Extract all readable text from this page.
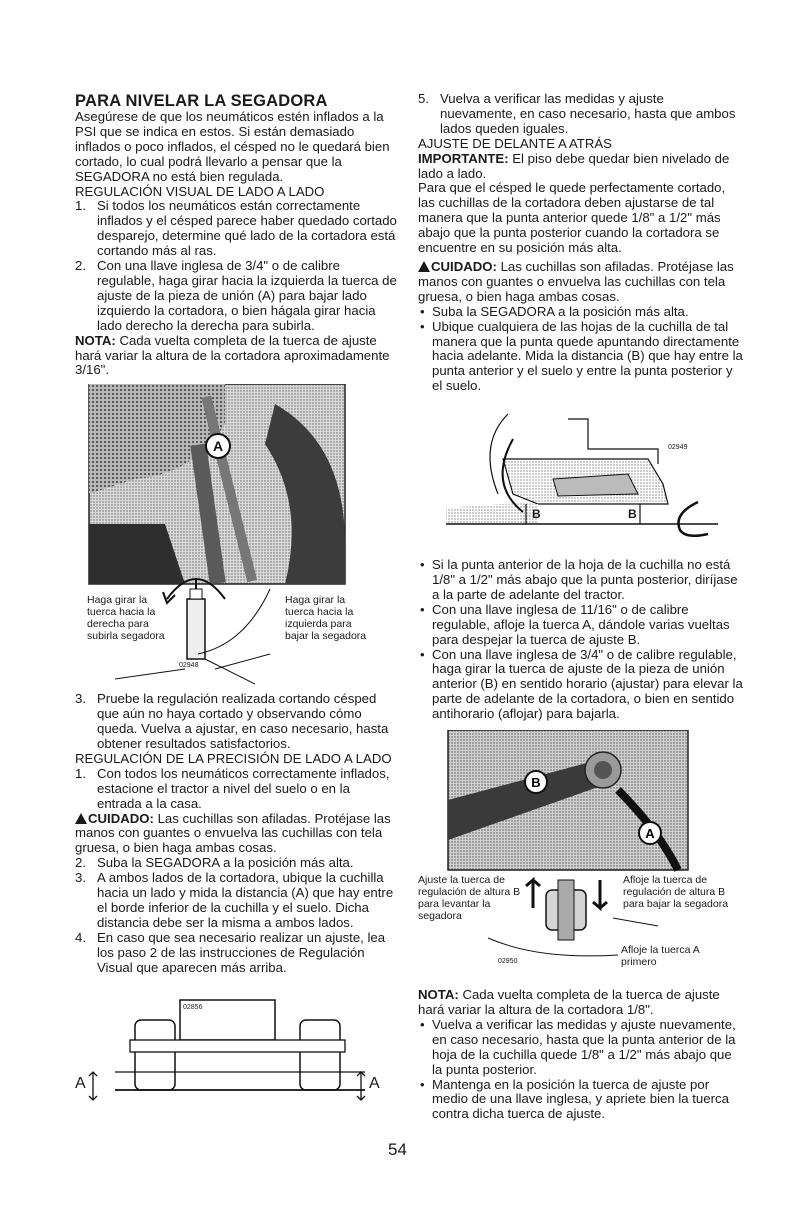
PARA NIVELAR LA SEGADORA

Asegúrese de que los neumáticos estén inflados a la PSI que se indica en estos. Si están demasiado inflados o poco inflados, el césped no le quedará bien cortado, lo cual podrá llevarlo a pensar que la SEGADORA no está bien regulada.

REGULACIÓN VISUAL DE LADO A LADO

1. Si todos los neumáticos están correctamente inflados y el césped parece haber quedado cortado desparejo, determine qué lado de la cortadora está cortando más al ras.
2. Con una llave inglesa de 3/4" o de calibre regulable, haga girar hacia la izquierda la tuerca de ajuste de la pieza de unión (A) para bajar lado izquierdo la cortadora, o bien hágala girar hacia lado derecho la derecha para subirla.

NOTA: Cada vuelta completa de la tuerca de ajuste hará variar la altura de la cortadora aproximadamente 3/16".

A
Haga girar la tuerca hacia la derecha para subirla segadora
Haga girar la tuerca hacia la izquierda para bajar la segadora
02948
3. Pruebe la regulación realizada cortando césped que aún no haya cortado y observando cómo queda. Vuelva a ajustar, en caso necesario, hasta obtener resultados satisfactorios.

REGULACIÓN DE LA PRECISIÓN DE LADO A LADO

1. Con todos los neumáticos correctamente inflados, estacione el tractor a nivel del suelo o en la entrada a la casa.

CUIDADO: Las cuchillas son afiladas. Protéjase las manos con guantes o envuelva las cuchillas con tela gruesa, o bien haga ambas cosas.

2. Suba la SEGADORA a la posición más alta.
3. A ambos lados de la cortadora, ubique la cuchilla hacia un lado y mida la distancia (A) que hay entre el borde inferior de la cuchilla y el suelo. Dicha distancia debe ser la misma a ambos lados.
4. En caso que sea necesario realizar un ajuste, lea los paso 2 de las instrucciones de Regulación Visual que aparecen más arriba.
A	A
02856
5. Vuelva a verificar las medidas y ajuste nuevamente, en caso necesario, hasta que ambos lados queden iguales.

AJUSTE DE DELANTE A ATRÁS

IMPORTANTE: El piso debe quedar bien nivelado de lado a lado.

Para que el césped le quede perfectamente cortado, las cuchillas de la cortadora deben ajustarse de tal manera que la punta anterior quede 1/8" a 1/2" más abajo que la punta posterior cuando la cortadora se encuentre en su posición más alta.

CUIDADO: Las cuchillas son afiladas. Protéjase las manos con guantes o envuelva las cuchillas con tela gruesa, o bien haga ambas cosas.

• Suba la SEGADORA a la posición más alta.
• Ubique cualquiera de las hojas de la cuchilla de tal manera que la punta quede apuntando directamente hacia adelante. Mida la distancia (B) que hay entre la punta anterior y el suelo y entre la punta posterior y el suelo.
B	B
02949
• Si la punta anterior de la hoja de la cuchilla no está 1/8" a 1/2" más abajo que la punta posterior, diríjase a la parte de adelante del tractor.
• Con una llave inglesa de 11/16" o de calibre regulable, afloje la tuerca A, dándole varias vueltas para despejar la tuerca de ajuste B.
• Con una llave inglesa de 3/4" o de calibre regulable, haga girar la tuerca de ajuste de la pieza de unión anterior (B) en sentido horario (ajustar) para elevar la parte de adelante de la cortadora, o bien en sentido antihorario (aflojar) para bajarla.
B
A
Ajuste la tuerca de regulación de altura B para levantar la segadora
Afloje la tuerca de regulación de altura B para bajar la segadora
Afloje la tuerca A primero
02950

NOTA: Cada vuelta completa de la tuerca de ajuste hará variar la altura de la cortadora 1/8".

• Vuelva a verificar las medidas y ajuste nuevamente, en caso necesario, hasta que la punta anterior de la hoja de la cuchilla quede 1/8" a 1/2" más abajo que la punta posterior.
• Mantenga en la posición la tuerca de ajuste por medio de una llave inglesa, y apriete bien la tuerca contra dicha tuerca de ajuste.
54
